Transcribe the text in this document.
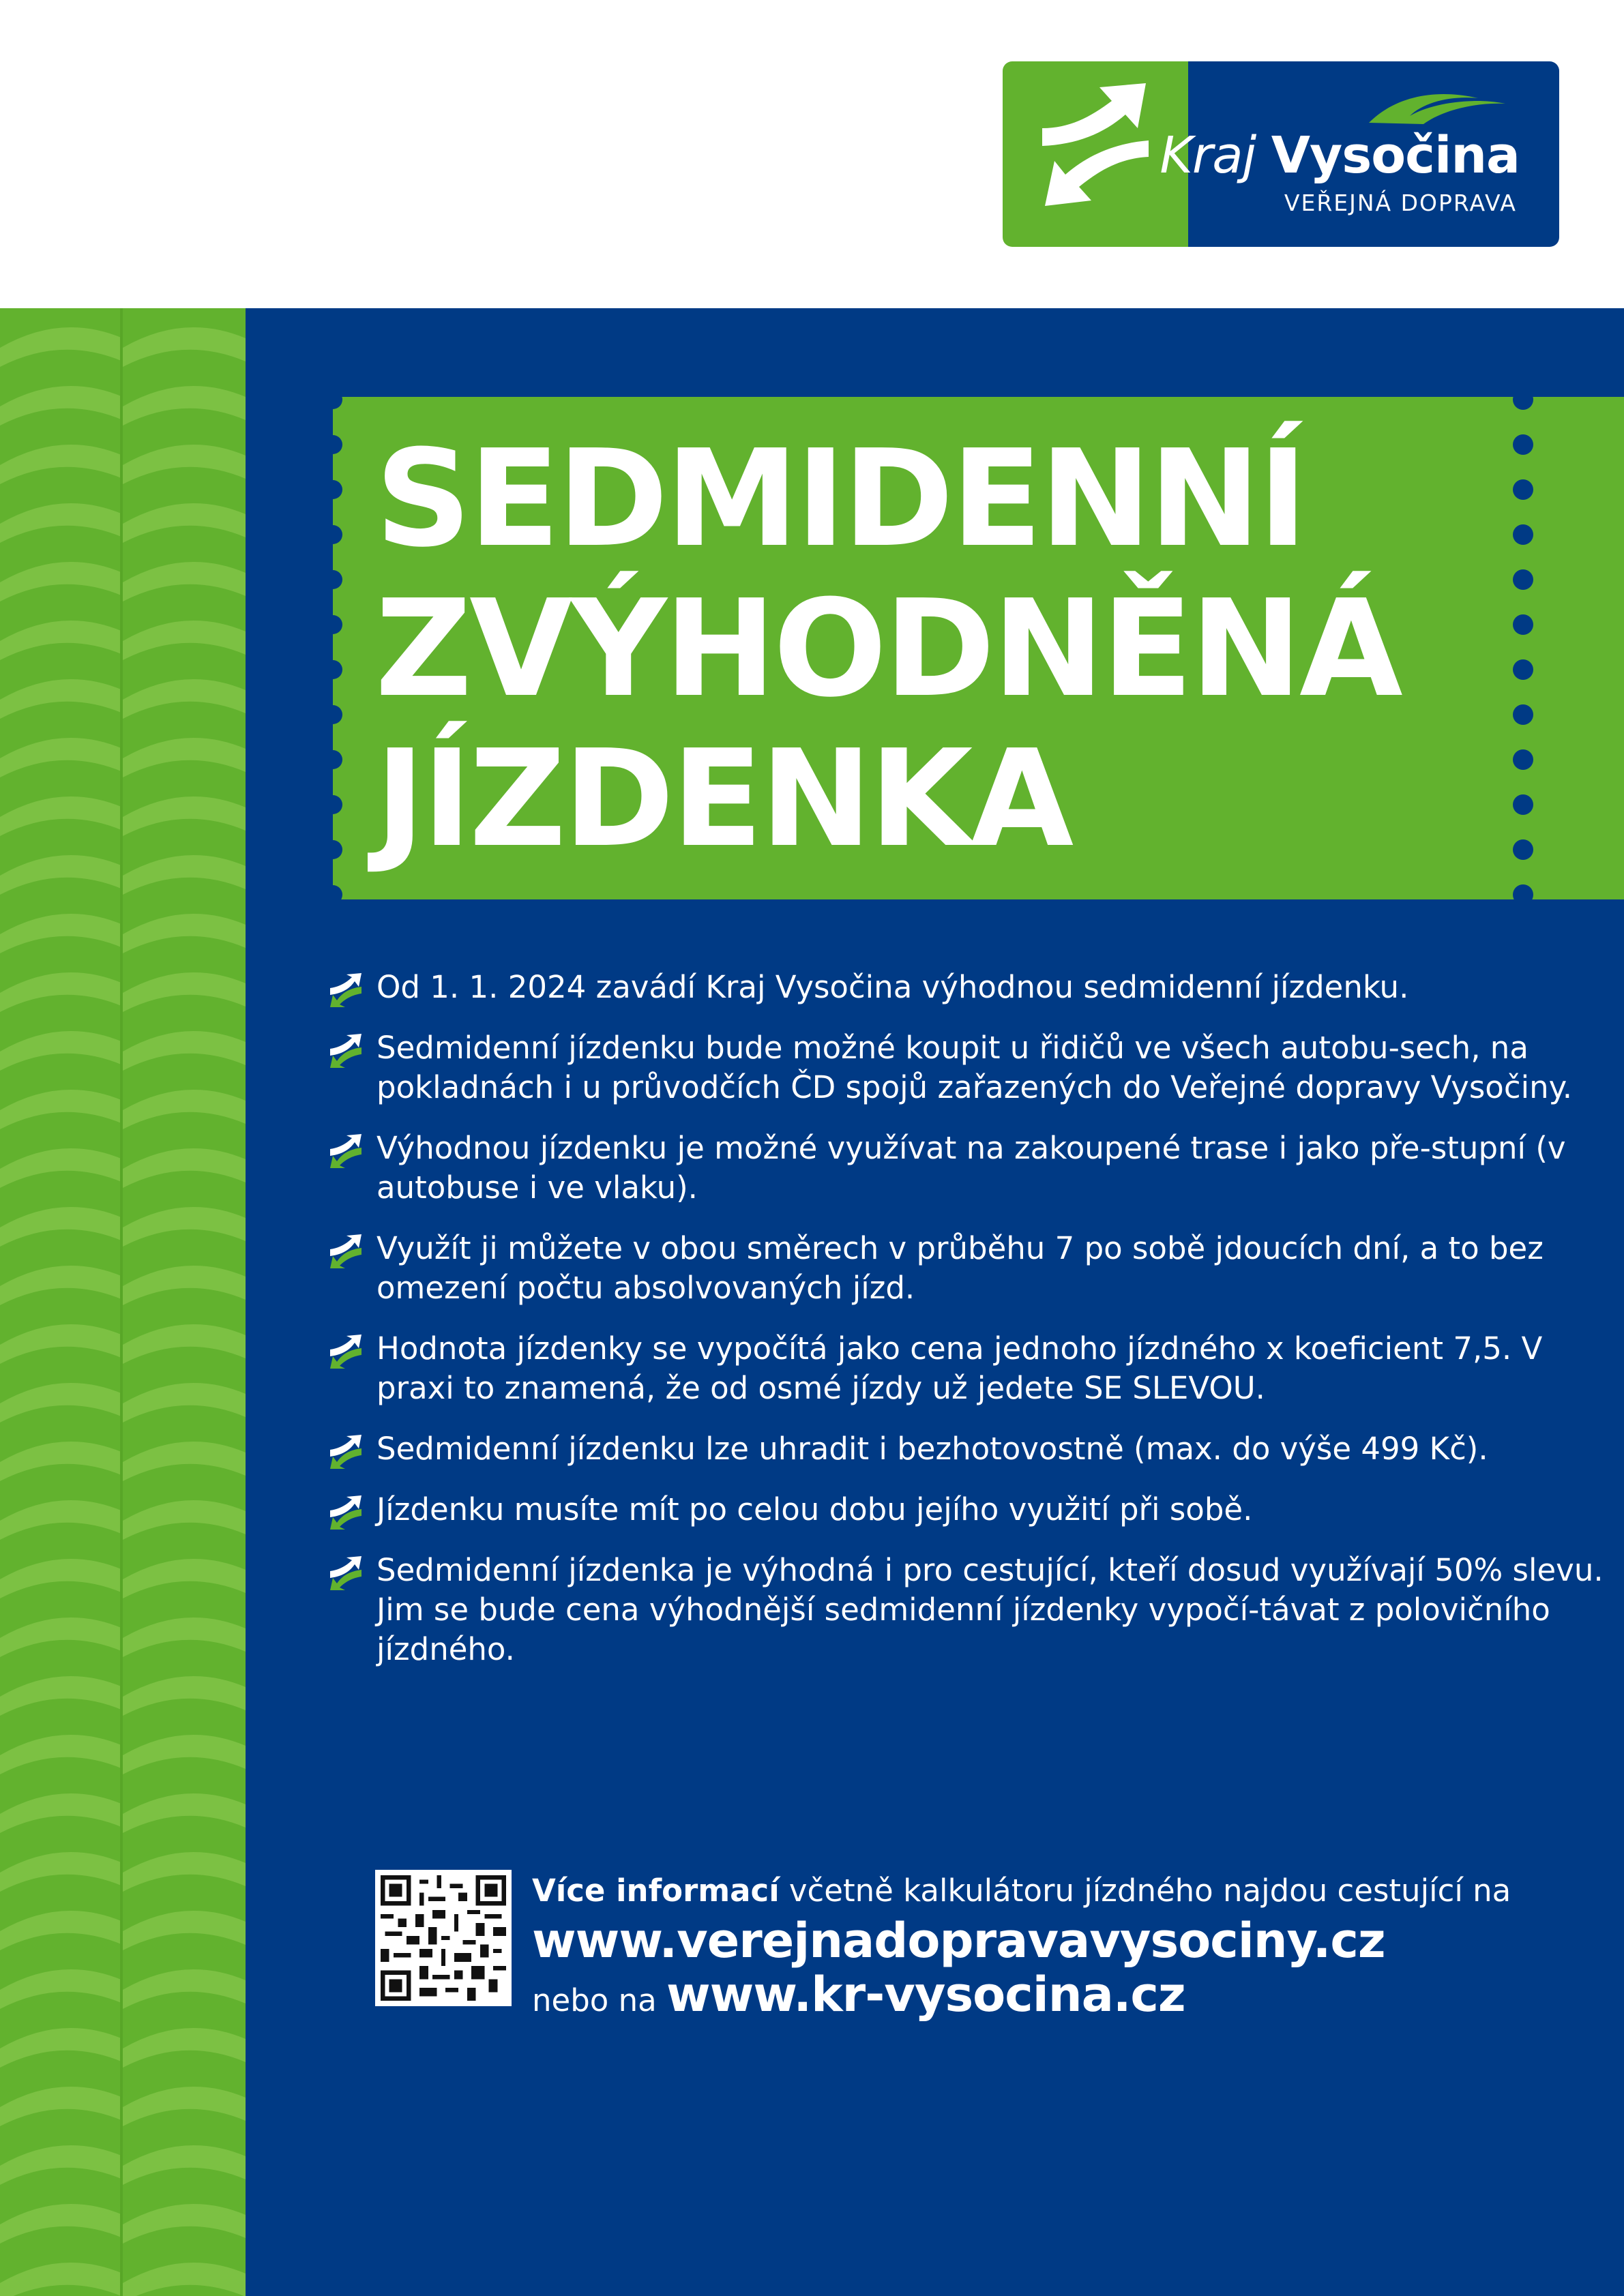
Kraj Vysočina
VEŘEJNÁ DOPRAVA
SEDMIDENNÍ
ZVÝHODNĚNÁ
JÍZDENKA
Od 1. 1. 2024 zavádí Kraj Vysočina výhodnou sedmidenní jízdenku.
Sedmidenní jízdenku bude možné koupit u řidičů ve všech autobu-sech, na pokladnách i u průvodčích ČD spojů zařazených do Veřejné dopravy Vysočiny.
Výhodnou jízdenku je možné využívat na zakoupené trase i jako pře-stupní (v autobuse i ve vlaku).
Využít ji můžete v obou směrech v průběhu 7 po sobě jdoucích dní, a to bez omezení počtu absolvovaných jízd.
Hodnota jízdenky se vypočítá jako cena jednoho jízdného x koeficient 7,5. V praxi to znamená, že od osmé jízdy už jedete SE SLEVOU.
Sedmidenní jízdenku lze uhradit i bezhotovostně (max. do výše 499 Kč).
Jízdenku musíte mít po celou dobu jejího využití při sobě.
Sedmidenní jízdenka je výhodná i pro cestující, kteří dosud využívají 50% slevu. Jim se bude cena výhodnější sedmidenní jízdenky vypočí-távat z polovičního jízdného.
Více informací včetně kalkulátoru jízdného najdou cestující na
www.verejnadopravavysociny.cz
nebo na www.kr-vysocina.cz
